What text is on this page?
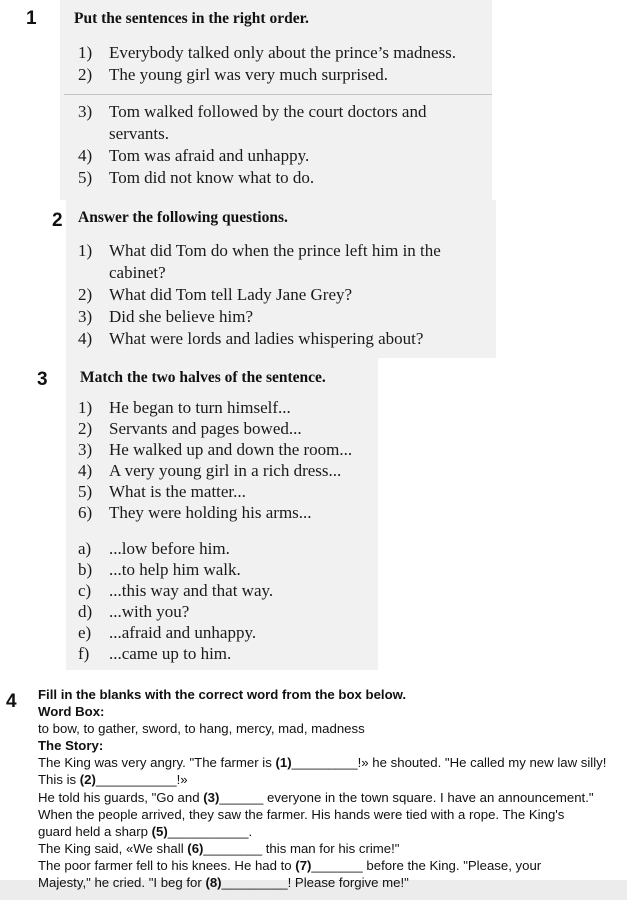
1 Put the sentences in the right order.
1) Everybody talked only about the prince’s madness.
2) The young girl was very much surprised.
3) Tom walked followed by the court doctors and
servants.
4) Tom was afraid and unhappy.
5) Tom did not know what to do.
2 Answer the following questions.
1) What did Tom do when the prince left him in the
cabinet?
2) What did Tom tell Lady Jane Grey?
3) Did she believe him?
4) What were lords and ladies whispering about?
3 Match the two halves of the sentence.
1) He began to turn himself...
2) Servants and pages bowed...
3) He walked up and down the room...
4) A very young girl in a rich dress...
5) What is the matter...
6) They were holding his arms...
a) ...low before him.
b) ...to help him walk.
c) ...this way and that way.
d) ...with you?
e) ...afraid and unhappy.
f) ...came up to him.
4 Fill in the blanks with the correct word from the box below.
Word Box:
to bow, to gather, sword, to hang, mercy, mad, madness
The Story:
The King was very angry. "The farmer is (1)_________!» he shouted. "He called my new law silly!
This is (2)___________!»
He told his guards, "Go and (3)______ everyone in the town square. I have an announcement."
When the people arrived, they saw the farmer. His hands were tied with a rope. The King's
guard held a sharp (5)___________.
The King said, «We shall (6)________ this man for his crime!"
The poor farmer fell to his knees. He had to (7)_______ before the King. "Please, your
Majesty," he cried. "I beg for (8)_________! Please forgive me!"
